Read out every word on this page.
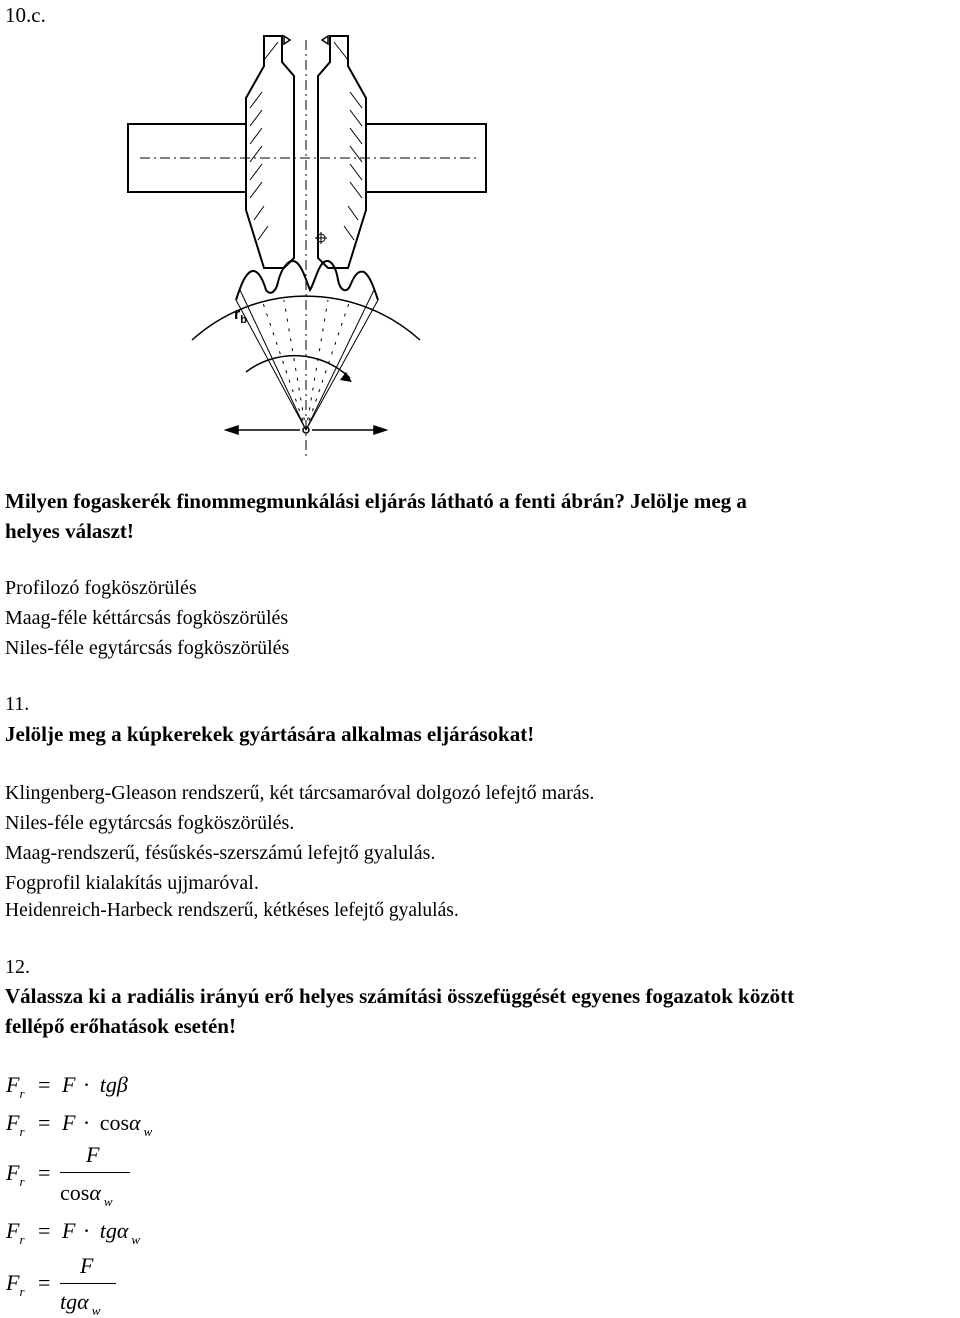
10.c.
$r_b$
Milyen fogaskerék finommegmunkálási eljárás látható a fenti ábrán? Jelölje meg a
helyes választ!
Profilozó fogköszörülés
Maag-féle kéttárcsás fogköszörülés
Niles-féle egytárcsás fogköszörülés
11.
Jelölje meg a kúpkerekek gyártására alkalmas eljárásokat!
Klingenberg-Gleason rendszerű, két tárcsamaróval dolgozó lefejtő marás.
Niles-féle egytárcsás fogköszörülés.
Maag-rendszerű, fésűskés-szerszámú lefejtő gyalulás.
Fogprofil kialakítás ujjmaróval.
Heidenreich-Harbeck rendszerű, kétkéses lefejtő gyalulás.
12.
Válassza ki a radiális irányú erő helyes számítási összefüggését egyenes fogazatok között
fellépő erőhatások esetén!
$F_r = F \cdot tg\beta$
$F_r = F \cdot \cos\alpha$ $_w$
$F_r$ =
F
cosα $_w$
$F_r = F \cdot tg\alpha$ $_w$
$F_r$ =
F
tgα $_w$
